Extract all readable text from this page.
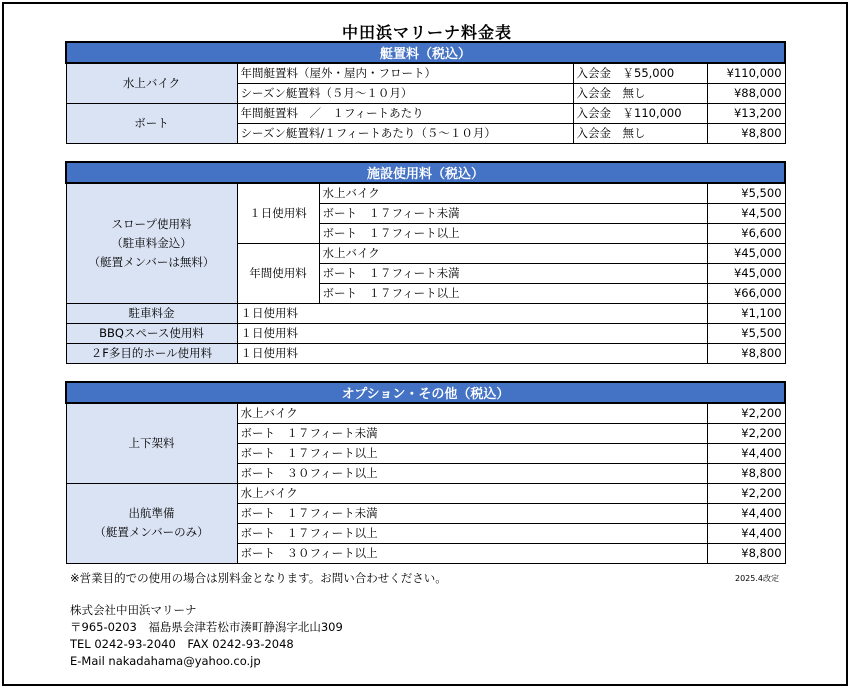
中田浜マリーナ料金表
艇置料（税込）			
水上バイク	年間艇置料（屋外・屋内・フロート）	入会金　￥55,000	¥110,000
	シーズン艇置料（５月～１０月）	入会金　無し	¥88,000
ボート	年間艇置料　／　１フィートあたり	入会金　￥110,000	¥13,200
	シーズン艇置料/１フィートあたり（５～１０月）	入会金　無し	¥8,800
施設使用料（税込）			

スロープ使用料
（駐車料金込）
（艇置メンバーは無料）	１日使用料	水上バイク	¥5,500
		ボート　１７フィート未満	¥4,500
		ボート　１７フィート以上	¥6,600
	年間使用料	水上バイク	¥45,000
		ボート　１７フィート未満	¥45,000
		ボート　１７フィート以上	¥66,000
駐車料金	１日使用料		¥1,100
BBQスペース使用料	１日使用料		¥5,500
２F多目的ホール使用料	１日使用料		¥8,800
オプション・その他（税込）		
上下架料	水上バイク	¥2,200
	ボート　１７フィート未満	¥2,200
	ボート　１７フィート以上	¥4,400
	ボート　３０フィート以上	¥8,800

出航準備
（艇置メンバーのみ）	水上バイク	¥2,200
	ボート　１７フィート未満	¥4,400
	ボート　１７フィート以上	¥4,400
	ボート　３０フィート以上	¥8,800
※営業目的での使用の場合は別料金となります。お問い合わせください。	2025.4改定
株式会社中田浜マリーナ
〒965-0203　福島県会津若松市湊町静潟字北山309
TEL 0242-93-2040　FAX 0242-93-2048
E-Mail nakadahama@yahoo.co.jp
